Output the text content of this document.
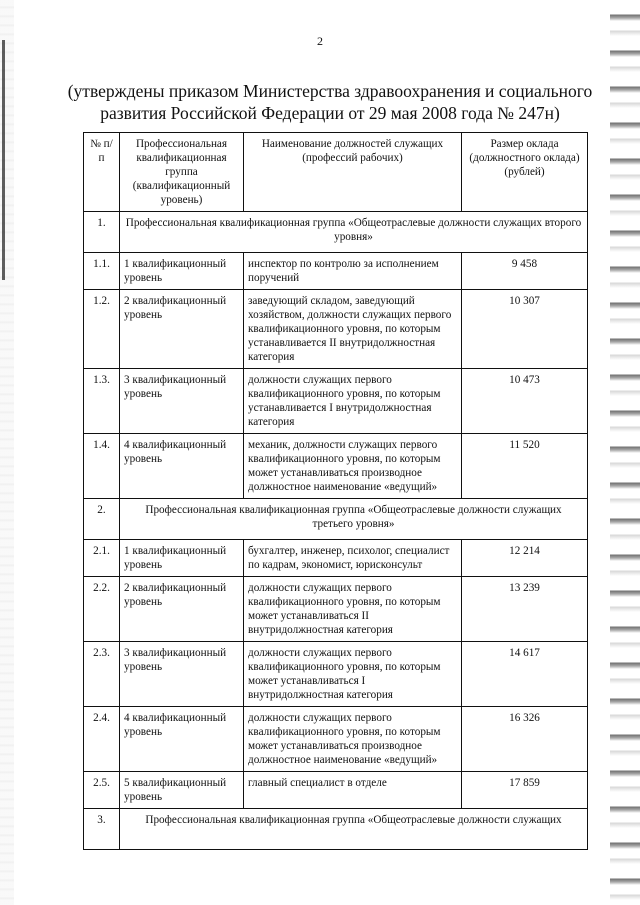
2
(утверждены приказом Министерства здравоохранения и социального развития Российской Федерации от 29 мая 2008 года № 247н)
№ п/п	Профессиональная квалификационная группа (квалификационный уровень)	Наименование должностей служащих (профессий рабочих)	Размер оклада (должностного оклада) (рублей)
1.	Профессиональная квалификационная группа «Общеотраслевые должности служащих второго уровня»		
1.1.	1 квалификационный уровень	инспектор по контролю за исполнением поручений	9 458
1.2.	2 квалификационный уровень	заведующий складом, заведующий хозяйством, должности служащих первого квалификационного уровня, по которым устанавливается II внутридолжностная категория	10 307
1.3.	3 квалификационный уровень	должности служащих первого квалификационного уровня, по которым устанавливается I внутридолжностная категория	10 473
1.4.	4 квалификационный уровень	механик, должности служащих первого квалификационного уровня, по которым может устанавливаться производное должностное наименование «ведущий»	11 520
2.	Профессиональная квалификационная группа «Общеотраслевые должности служащих третьего уровня»		
2.1.	1 квалификационный уровень	бухгалтер, инженер, психолог, специалист по кадрам, экономист, юрисконсульт	12 214
2.2.	2 квалификационный уровень	должности служащих первого квалификационного уровня, по которым может устанавливаться II внутридолжностная категория	13 239
2.3.	3 квалификационный уровень	должности служащих первого квалификационного уровня, по которым может устанавливаться I внутридолжностная категория	14 617
2.4.	4 квалификационный уровень	должности служащих первого квалификационного уровня, по которым может устанавливаться производное должностное наименование «ведущий»	16 326
2.5.	5 квалификационный уровень	главный специалист в отделе	17 859
3.	Профессиональная квалификационная группа «Общеотраслевые должности служащих		
